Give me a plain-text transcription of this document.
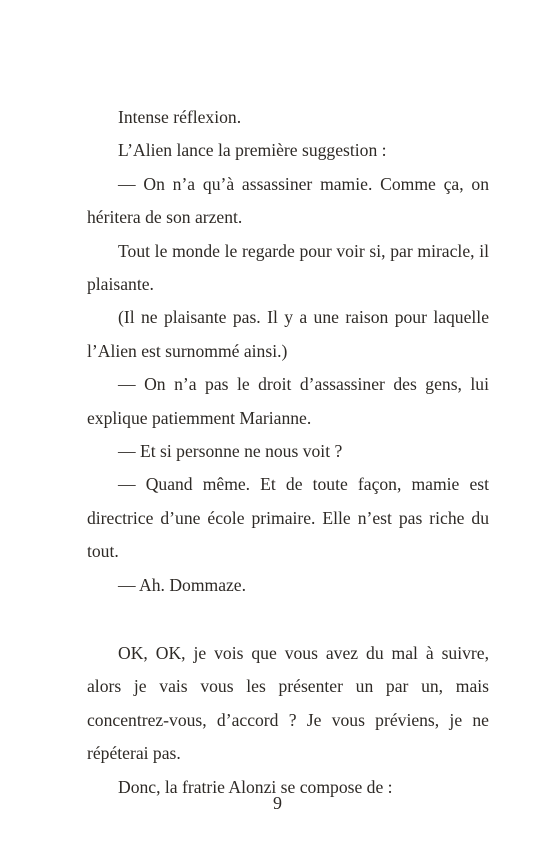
Intense réflexion.

L’Alien lance la première suggestion :

— On n’a qu’à assassiner mamie. Comme ça, on héritera de son arzent.

Tout le monde le regarde pour voir si, par miracle, il plaisante.

(Il ne plaisante pas. Il y a une raison pour laquelle l’Alien est surnommé ainsi.)

— On n’a pas le droit d’assassiner des gens, lui explique patiemment Marianne.

— Et si personne ne nous voit ?

— Quand même. Et de toute façon, mamie est directrice d’une école primaire. Elle n’est pas riche du tout.

— Ah. Dommaze.

OK, OK, je vois que vous avez du mal à suivre, alors je vais vous les présenter un par un, mais concentrez-vous, d’accord ? Je vous préviens, je ne répéterai pas.

Donc, la fratrie Alonzi se compose de :

9
